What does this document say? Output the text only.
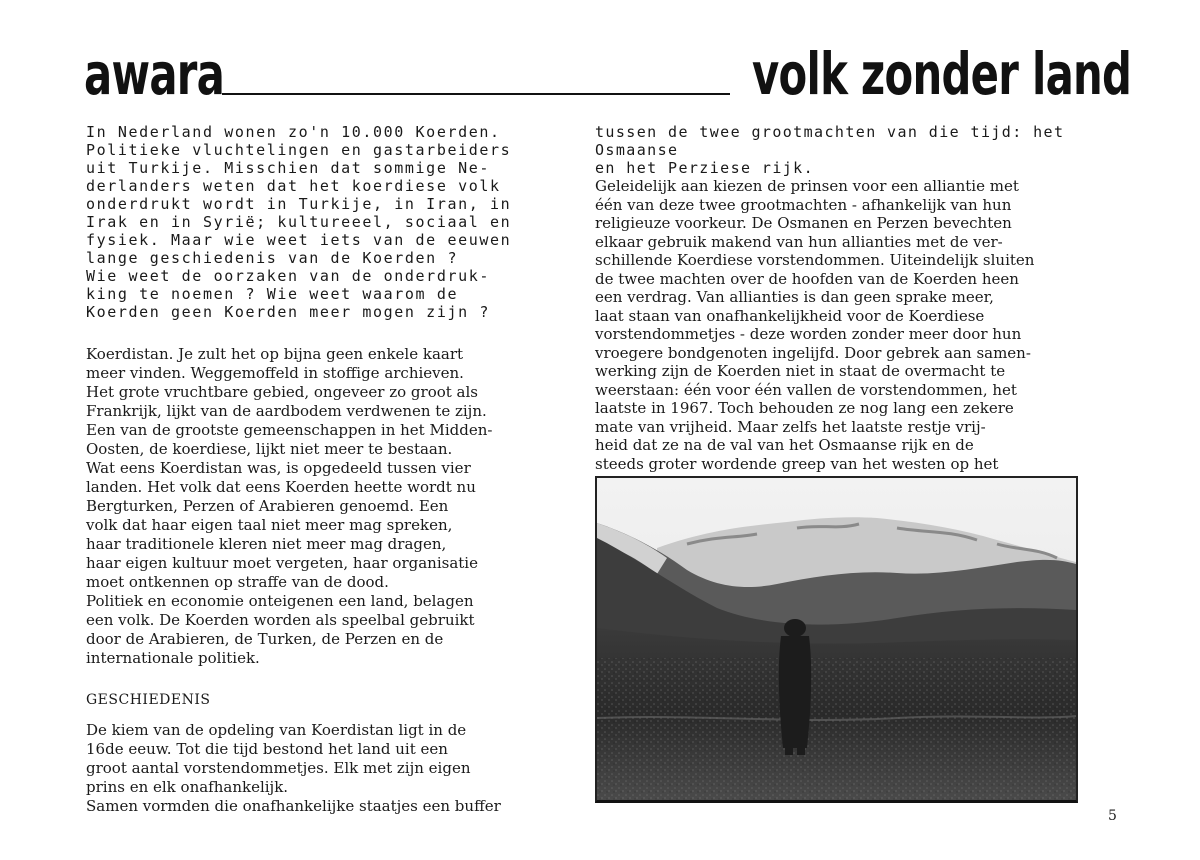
awara	volk zonder land

In Nederland wonen zo'n 10.000 Koerden.
Politieke vluchtelingen en gastarbeiders
uit Turkije. Misschien dat sommige Ne-
derlanders weten dat het koerdiese volk
onderdrukt wordt in Turkije, in Iran, in
Irak en in Syriё; kultureeel, sociaal en
fysiek. Maar wie weet iets van de eeuwen
lange geschiedenis van de Koerden ?
Wie weet de oorzaken van de onderdruk-
king te noemen ? Wie weet waarom de
Koerden geen Koerden meer mogen zijn ?

Koerdistan. Je zult het op bijna geen enkele kaart
meer vinden. Weggemoffeld in stoffige archieven.
Het grote vruchtbare gebied, ongeveer zo groot als
Frankrijk, lijkt van de aardbodem verdwenen te zijn.
Een van de grootste gemeenschappen in het Midden-
Oosten, de koerdiese, lijkt niet meer te bestaan.
Wat eens Koerdistan was, is opgedeeld tussen vier
landen. Het volk dat eens Koerden heette wordt nu
Bergturken, Perzen of Arabieren genoemd. Een
volk dat haar eigen taal niet meer mag spreken,
haar traditionele kleren niet meer mag dragen,
haar eigen kultuur moet vergeten, haar organisatie
moet ontkennen op straffe van de dood.
Politiek en economie onteigenen een land, belagen
een volk. De Koerden worden als speelbal gebruikt
door de Arabieren, de Turken, de Perzen en de
internationale politiek.

GESCHIEDENIS

De kiem van de opdeling van Koerdistan ligt in de
16de eeuw. Tot die tijd bestond het land uit een
groot aantal vorstendommetjes. Elk met zijn eigen
prins en elk onafhankelijk.
Samen vormden die onafhankelijke staatjes een buffer

tussen de twee grootmachten van die tijd: het Osmaanse
en het Perziese rijk.

Geleidelijk aan kiezen de prinsen voor een alliantie met
één van deze twee grootmachten - afhankelijk van hun
religieuze voorkeur. De Osmanen en Perzen bevechten
elkaar gebruik makend van hun allianties met de ver-
schillende Koerdiese vorstendommen. Uiteindelijk sluiten
de twee machten over de hoofden van de Koerden heen
een verdrag. Van allianties is dan geen sprake meer,
laat staan van onafhankelijkheid voor de Koerdiese
vorstendommetjes - deze worden zonder meer door hun
vroegere bondgenoten ingelijfd. Door gebrek aan samen-
werking zijn de Koerden niet in staat de overmacht te
weerstaan: één voor één vallen de vorstendommen, het
laatste in 1967. Toch behouden ze nog lang een zekere
mate van vrijheid. Maar zelfs het laatste restje vrij-
heid dat ze na de val van het Osmaanse rijk en de
steeds groter wordende greep van het westen op het

5
